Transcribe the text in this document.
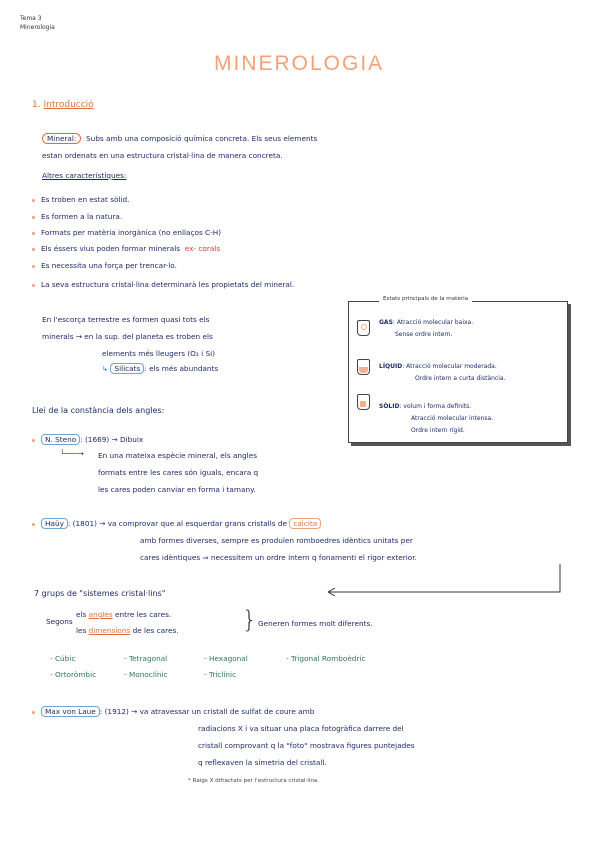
Tema 3
Minerologia
MINEROLOGIA
1. Introducció
Mineral: Subs amb una composició química concreta. Els seus elements
estan ordenats en una estructura cristal·lina de manera concreta.
Altres característiques:
Es troben en estat sòlid.
Es formen a la natura.
Formats per matèria inorgànica (no enllaços C-H)
Els éssers vius poden formar minerals ex- corals
Es necessita una força per trencar-lo.
La seva estructura cristal·lina determinarà les propietats del mineral.
En l'escorça terrestre es formen quasi tots els
minerals → en la sup. del planeta es troben els
elements més lleugers (O₂ i Si)
↳ Silicats : els més abundants
Estats principals de la matèria
GAS: Atracció molecular baixa.
Sense ordre intern.
LÍQUID: Atracció molecular moderada.
Ordre intern a curta distància.
SÒLID: volum i forma definits.
Atracció molecular intensa.
Ordre intern rígid.
Llei de la constància dels angles:
N. Steno : (1669) → Dibuix
└───→ En una mateixa espècie mineral, els angles
formats entre les cares són iguals, encara q
les cares poden canviar en forma i tamany.
Haüy : (1801) → va comprovar que al esquerdar grans cristalls de calcita
amb formes diverses, sempre es produïen romboedres idèntics unitats per
cares idèntiques ⇒ necessitem un ordre intern q fonamenti el rigor exterior.
7 grups de "sistemes cristal·lins"
Segons
els angles entre les cares.
les dimensions de les cares.	} Generen formes molt diferents.
- Cúbic	- Tetragonal	- Hexagonal	- Trigonal Romboèdric
- Ortoròmbic	- Monoclínic	- Triclínic
Max von Laue : (1912) → va atravessar un cristall de sulfat de coure amb
radiacions X i va situar una placa fotogràfica darrere del
cristall comprovant q la "foto" mostrava figures puntejades
q reflexaven la simetria del cristall.
* Raigs X difractats per l'estructura cristal·lina.
